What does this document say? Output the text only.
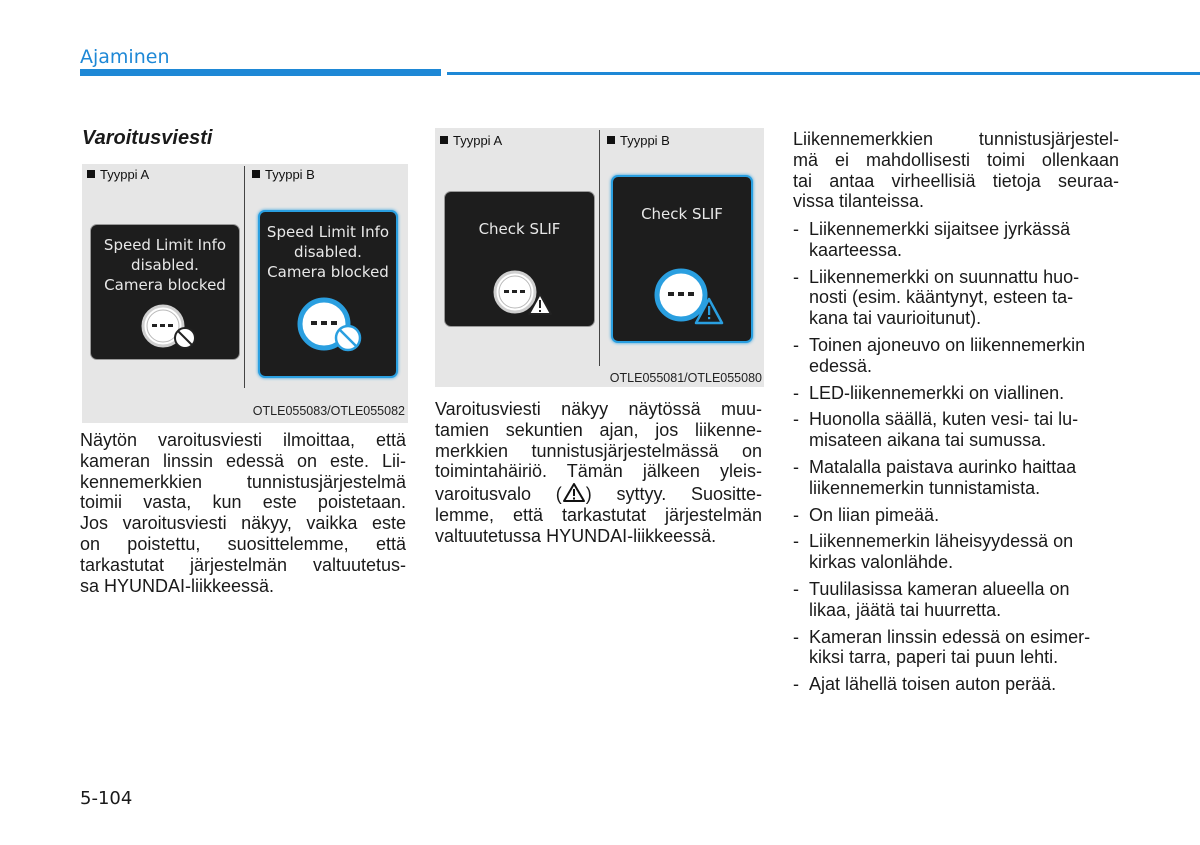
Ajaminen
Varoitusviesti
Tyyppi A	Tyyppi B
Speed Limit Info
disabled.
Camera blocked
Speed Limit Info
disabled.
Camera blocked
OTLE055083/OTLE055082
Näytön varoitusviesti ilmoittaa, että
kameran linssin edessä on este. Lii-
kennemerkkien tunnistusjärjestelmä
toimii vasta, kun este poistetaan.
Jos varoitusviesti näkyy, vaikka este
on poistettu, suosittelemme, että
tarkastutat järjestelmän valtuutetus-
sa HYUNDAI-liikkeessä.
Tyyppi A	Tyyppi B
Check SLIF
Check SLIF
OTLE055081/OTLE055080
Varoitusviesti näkyy näytössä muu-
tamien sekuntien ajan, jos liikenne-
merkkien tunnistusjärjestelmässä on
toimintahäiriö. Tämän jälkeen yleis-
varoitusvalo ( ) syttyy. Suositte-
lemme, että tarkastutat järjestelmän
valtuutetussa HYUNDAI-liikkeessä.
Liikennemerkkien tunnistusjärjestel-
mä ei mahdollisesti toimi ollenkaan
tai antaa virheellisiä tietoja seuraa-
vissa tilanteissa.
- Liikennemerkki sijaitsee jyrkässä
kaarteessa.
- Liikennemerkki on suunnattu huo-
nosti (esim. kääntynyt, esteen ta-
kana tai vaurioitunut).
- Toinen ajoneuvo on liikennemerkin
edessä.
- LED-liikennemerkki on viallinen.
- Huonolla säällä, kuten vesi- tai lu-
misateen aikana tai sumussa.
- Matalalla paistava aurinko haittaa
liikennemerkin tunnistamista.
- On liian pimeää.
- Liikennemerkin läheisyydessä on
kirkas valonlähde.
- Tuulilasissa kameran alueella on
likaa, jäätä tai huurretta.
- Kameran linssin edessä on esimer-
kiksi tarra, paperi tai puun lehti.
- Ajat lähellä toisen auton perää.
5-104
